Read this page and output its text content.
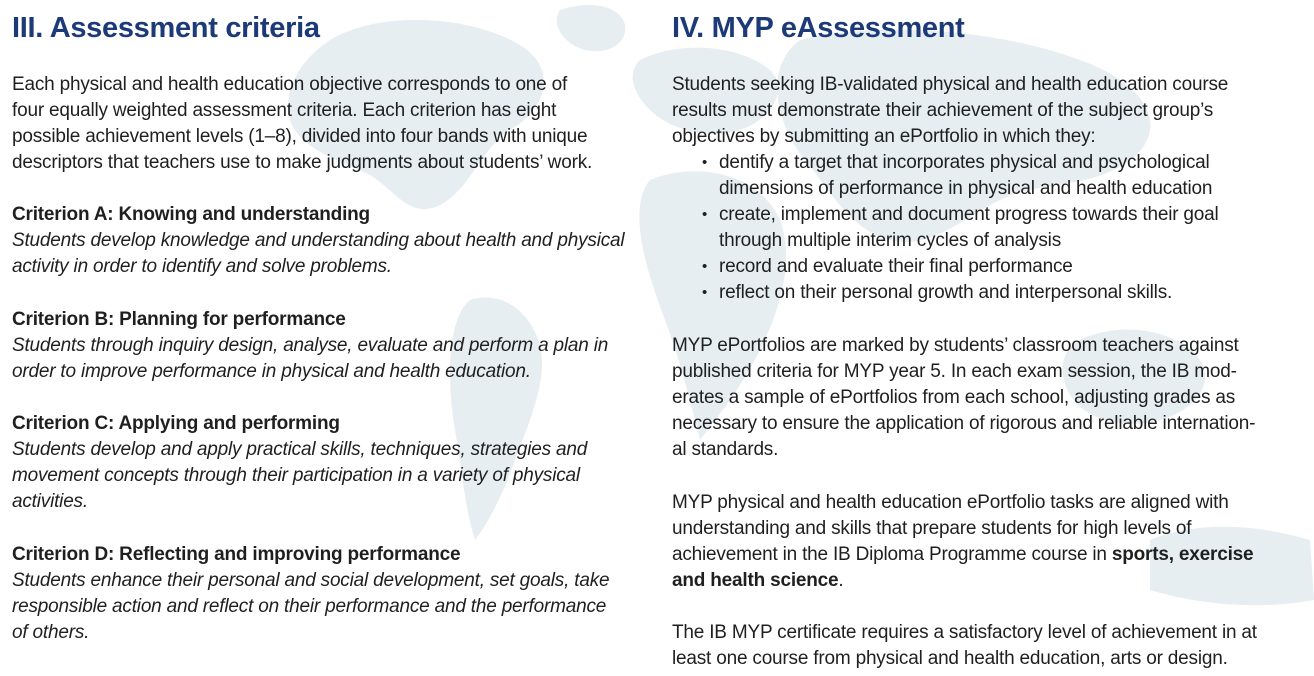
III. Assessment criteria

Each physical and health education objective corresponds to one of
four equally weighted assessment criteria. Each criterion has eight
possible achievement levels (1–8), divided into four bands with unique
descriptors that teachers use to make judgments about students’ work.

Criterion A: Knowing and understanding
Students develop knowledge and understanding about health and physical
activity in order to identify and solve problems.
Criterion B: Planning for performance
Students through inquiry design, analyse, evaluate and perform a plan in
order to improve performance in physical and health education.
Criterion C: Applying and performing
Students develop and apply practical skills, techniques, strategies and
movement concepts through their participation in a variety of physical
activities.
Criterion D: Reflecting and improving performance
Students enhance their personal and social development, set goals, take
responsible action and reflect on their performance and the performance
of others.
IV. MYP eAssessment

Students seeking IB-validated physical and health education course
results must demonstrate their achievement of the subject group’s
objectives by submitting an ePortfolio in which they:

• dentify a target that incorporates physical and psychological
dimensions of performance in physical and health education
• create, implement and document progress towards their goal
through multiple interim cycles of analysis
• record and evaluate their final performance
• reflect on their personal growth and interpersonal skills.

MYP ePortfolios are marked by students’ classroom teachers against
published criteria for MYP year 5. In each exam session, the IB mod-
erates a sample of ePortfolios from each school, adjusting grades as
necessary to ensure the application of rigorous and reliable internation-
al standards.

MYP physical and health education ePortfolio tasks are aligned with
understanding and skills that prepare students for high levels of
achievement in the IB Diploma Programme course in sports, exercise
and health science.

The IB MYP certificate requires a satisfactory level of achievement in at
least one course from physical and health education, arts or design.
